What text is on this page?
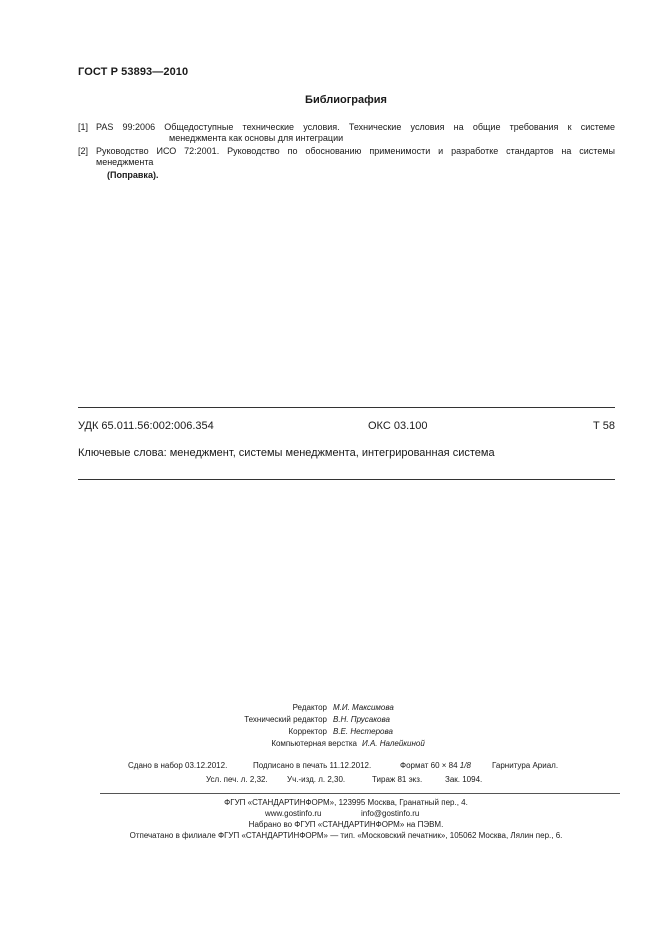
ГОСТ Р 53893—2010
Библиография
[1] PAS 99:2006 Общедоступные технические условия. Технические условия на общие требования к системе
менеджмента как основы для интеграции
[2] Руководство ИСО 72:2001. Руководство по обоснованию применимости и разработке стандартов на системы
менеджмента
(Поправка).
УДК 65.011.56:002:006.354	ОКС 03.100	Т 58
Ключевые слова: менеджмент, системы менеджмента, интегрированная система
Редактор М.И. Максимова
Технический редактор В.Н. Прусакова
Корректор В.Е. Нестерова
Компьютерная верстка И.А. Налейкиной
Сдано в набор 03.12.2012.	Подписано в печать 11.12.2012.	Формат 60 × 84 1/8	Гарнитура Ариал.
Усл. печ. л. 2,32. Уч.-изд. л. 2,30.	Тираж 81 экз.	Зак. 1094.
ФГУП «СТАНДАРТИНФОРМ», 123995 Москва, Гранатный пер., 4.
www.gostinfo.ru	info@gostinfo.ru
Набрано во ФГУП «СТАНДАРТИНФОРМ» на ПЭВМ.
Отпечатано в филиале ФГУП «СТАНДАРТИНФОРМ» — тип. «Московский печатник», 105062 Москва, Лялин пер., 6.
